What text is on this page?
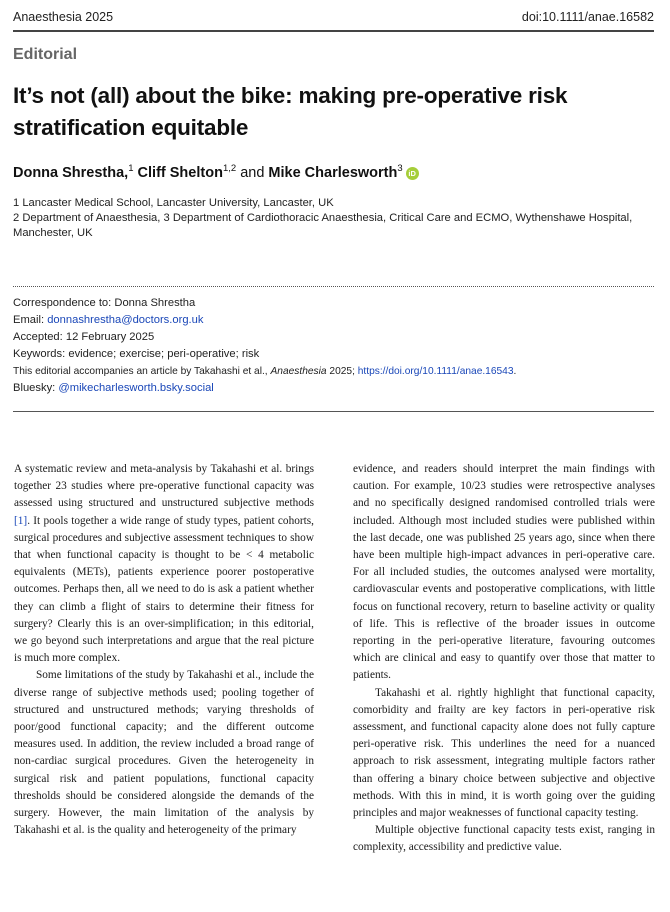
Anaesthesia 2025	doi:10.1111/anae.16582
Editorial
It’s not (all) about the bike: making pre-operative risk stratification equitable
Donna Shrestha,$^1$ Cliff Shelton$^{1,2}$ and Mike Charlesworth$^3$ iD
1 Lancaster Medical School, Lancaster University, Lancaster, UK
2 Department of Anaesthesia, 3 Department of Cardiothoracic Anaesthesia, Critical Care and ECMO, Wythenshawe Hospital, Manchester, UK
Correspondence to: Donna Shrestha
Email: donnashrestha@doctors.org.uk
Accepted: 12 February 2025
Keywords: evidence; exercise; peri-operative; risk
This editorial accompanies an article by Takahashi et al., Anaesthesia 2025; https://doi.org/10.1111/anae.16543.
Bluesky: @mikecharlesworth.bsky.social

A systematic review and meta-analysis by Takahashi et al. brings together 23 studies where pre-operative functional capacity was assessed using structured and unstructured subjective methods [1]. It pools together a wide range of study types, patient cohorts, surgical procedures and subjective assessment techniques to show that when functional capacity is thought to be < 4 metabolic equivalents (METs), patients experience poorer postoperative outcomes. Perhaps then, all we need to do is ask a patient whether they can climb a flight of stairs to determine their fitness for surgery? Clearly this is an over-simplification; in this editorial, we go beyond such interpretations and argue that the real picture is much more complex.

Some limitations of the study by Takahashi et al., include the diverse range of subjective methods used; pooling together of structured and unstructured methods; varying thresholds of poor/good functional capacity; and the different outcome measures used. In addition, the review included a broad range of non-cardiac surgical procedures. Given the heterogeneity in surgical risk and patient populations, functional capacity thresholds should be considered alongside the demands of the surgery. However, the main limitation of the analysis by Takahashi et al. is the quality and heterogeneity of the primary

evidence, and readers should interpret the main findings with caution. For example, 10/23 studies were retrospective analyses and no specifically designed randomised controlled trials were included. Although most included studies were published within the last decade, one was published 25 years ago, since when there have been multiple high-impact advances in peri-operative care. For all included studies, the outcomes analysed were mortality, cardiovascular events and postoperative complications, with little focus on functional recovery, return to baseline activity or quality of life. This is reflective of the broader issues in outcome reporting in the peri-operative literature, favouring outcomes which are clinical and easy to quantify over those that matter to patients.

Takahashi et al. rightly highlight that functional capacity, comorbidity and frailty are key factors in peri-operative risk assessment, and functional capacity alone does not fully capture peri-operative risk. This underlines the need for a nuanced approach to risk assessment, integrating multiple factors rather than offering a binary choice between subjective and objective methods. With this in mind, it is worth going over the guiding principles and major weaknesses of functional capacity testing.

Multiple objective functional capacity tests exist, ranging in complexity, accessibility and predictive value.
